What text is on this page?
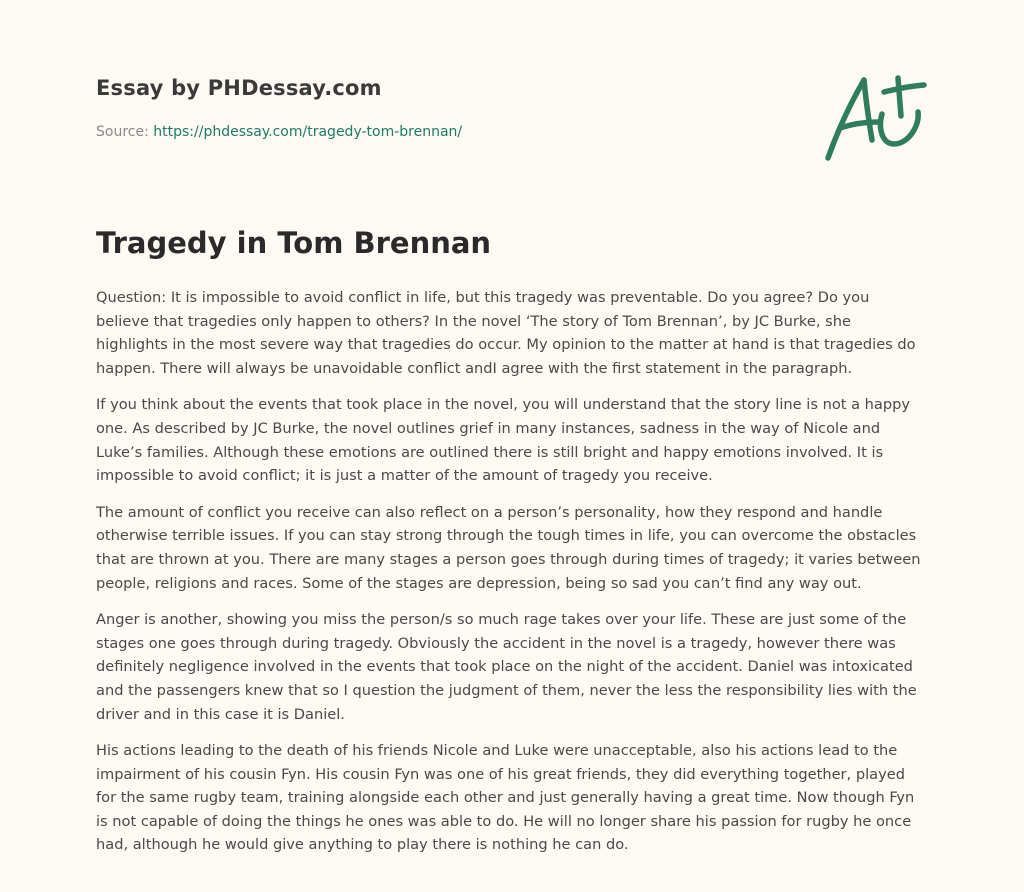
Essay by PHDessay.com
Source: https://phdessay.com/tragedy-tom-brennan/
Tragedy in Tom Brennan

Question: It is impossible to avoid conflict in life, but this tragedy was preventable. Do you agree? Do you believe that tragedies only happen to others? In the novel ‘The story of Tom Brennan’, by JC Burke, she highlights in the most severe way that tragedies do occur. My opinion to the matter at hand is that tragedies do happen. There will always be unavoidable conflict andI agree with the first statement in the paragraph.

If you think about the events that took place in the novel, you will understand that the story line is not a happy one. As described by JC Burke, the novel outlines grief in many instances, sadness in the way of Nicole and Luke’s families. Although these emotions are outlined there is still bright and happy emotions involved. It is impossible to avoid conflict; it is just a matter of the amount of tragedy you receive.

The amount of conflict you receive can also reflect on a person’s personality, how they respond and handle otherwise terrible issues. If you can stay strong through the tough times in life, you can overcome the obstacles that are thrown at you. There are many stages a person goes through during times of tragedy; it varies between people, religions and races. Some of the stages are depression, being so sad you can’t find any way out.

Anger is another, showing you miss the person/s so much rage takes over your life. These are just some of the stages one goes through during tragedy. Obviously the accident in the novel is a tragedy, however there was definitely negligence involved in the events that took place on the night of the accident. Daniel was intoxicated and the passengers knew that so I question the judgment of them, never the less the responsibility lies with the driver and in this case it is Daniel.

His actions leading to the death of his friends Nicole and Luke were unacceptable, also his actions lead to the impairment of his cousin Fyn. His cousin Fyn was one of his great friends, they did everything together, played for the same rugby team, training alongside each other and just generally having a great time. Now though Fyn is not capable of doing the things he ones was able to do. He will no longer share his passion for rugby he once had, although he would give anything to play there is nothing he can do.
